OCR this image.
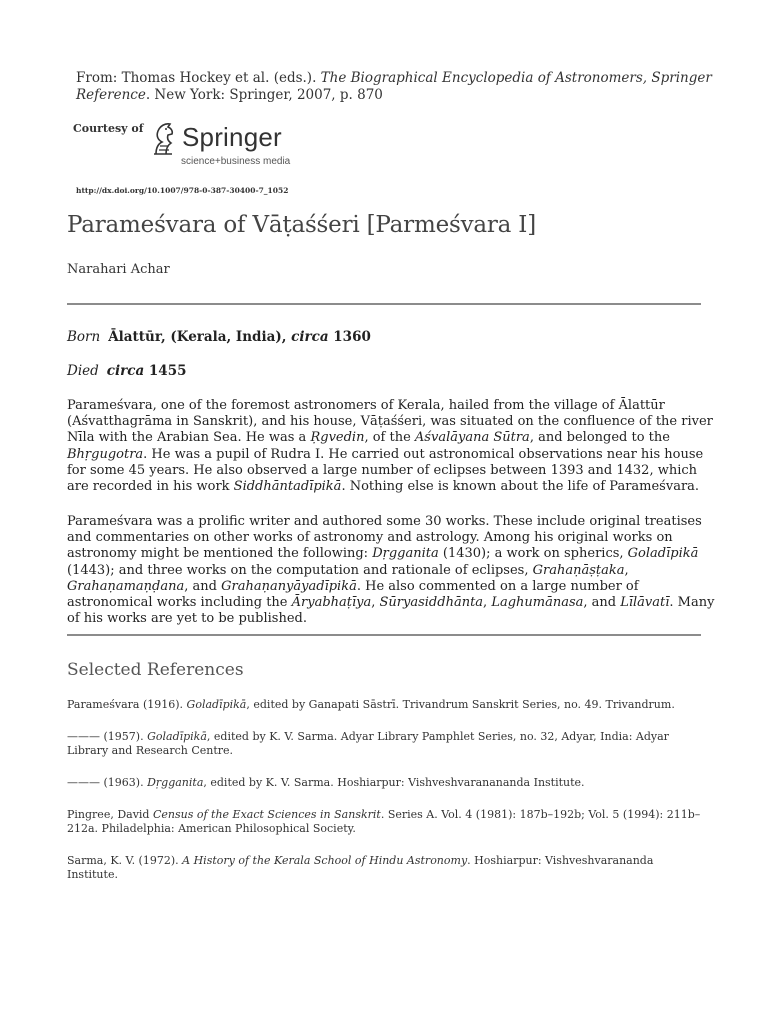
From: Thomas Hockey et al. (eds.). The Biographical Encyclopedia of Astronomers, Springer Reference. New York: Springer, 2007, p. 870
Courtesy of Springer
science+business media
http://dx.doi.org/10.1007/978-0-387-30400-7_1052
Parameśvara of Vāṭaśśeri [Parmeśvara I]
Narahari Achar
Born Ālattūr, (Kerala, India), circa 1360
Died circa 1455

Parameśvara, one of the foremost astronomers of Kerala, hailed from the village of Ālattūr (Aśvatthagrāma in Sanskrit), and his house, Vāṭaśśeri, was situated on the confluence of the river Nīla with the Arabian Sea. He was a Ṛgvedin, of the Aśvalāyana Sūtra, and belonged to the Bhṛgugotra. He was a pupil of Rudra I. He carried out astronomical observations near his house for some 45 years. He also observed a large number of eclipses between 1393 and 1432, which are recorded in his work Siddhāntadīpikā. Nothing else is known about the life of Parameśvara.

Parameśvara was a prolific writer and authored some 30 works. These include original treatises and commentaries on other works of astronomy and astrology. Among his original works on astronomy might be mentioned the following: Dṛgganita (1430); a work on spherics, Goladīpikā (1443); and three works on the computation and rationale of eclipses, Grahaṇāṣṭaka, Grahaṇamaṇḍana, and Grahaṇanyāyadīpikā. He also commented on a large number of astronomical works including the Āryabhaṭīya, Sūryasiddhānta, Laghumānasa, and Līlāvatī. Many of his works are yet to be published.

Selected References

Parameśvara (1916). Goladīpikā, edited by Ganapati Sāstrī. Trivandrum Sanskrit Series, no. 49. Trivandrum.

——— (1957). Goladīpikā, edited by K. V. Sarma. Adyar Library Pamphlet Series, no. 32, Adyar, India: Adyar Library and Research Centre.

——— (1963). Dṛgganita, edited by K. V. Sarma. Hoshiarpur: Vishveshvaranananda Institute.

Pingree, David Census of the Exact Sciences in Sanskrit. Series A. Vol. 4 (1981): 187b–192b; Vol. 5 (1994): 211b–212a. Philadelphia: American Philosophical Society.

Sarma, K. V. (1972). A History of the Kerala School of Hindu Astronomy. Hoshiarpur: Vishveshvarananda Institute.
